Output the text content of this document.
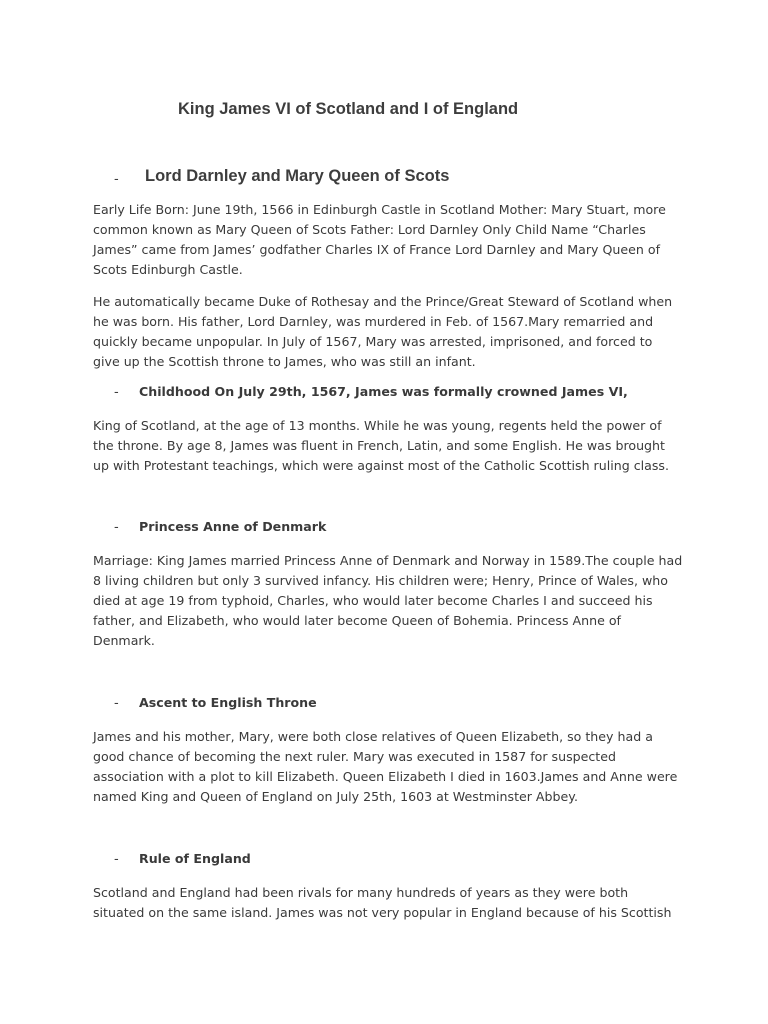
King James VI of Scotland and I of England
- Lord Darnley and Mary Queen of Scots

Early Life Born: June 19th, 1566 in Edinburgh Castle in Scotland Mother: Mary Stuart, more common known as Mary Queen of Scots Father: Lord Darnley Only Child Name “Charles James” came from James’ godfather Charles IX of France Lord Darnley and Mary Queen of Scots Edinburgh Castle.

He automatically became Duke of Rothesay and the Prince/Great Steward of Scotland when he was born. His father, Lord Darnley, was murdered in Feb. of 1567.Mary remarried and quickly became unpopular. In July of 1567, Mary was arrested, imprisoned, and forced to give up the Scottish throne to James, who was still an infant.

- Childhood On July 29th, 1567, James was formally crowned James VI,

King of Scotland, at the age of 13 months. While he was young, regents held the power of the throne. By age 8, James was fluent in French, Latin, and some English. He was brought up with Protestant teachings, which were against most of the Catholic Scottish ruling class.

- Princess Anne of Denmark

Marriage: King James married Princess Anne of Denmark and Norway in 1589.The couple had 8 living children but only 3 survived infancy. His children were; Henry, Prince of Wales, who died at age 19 from typhoid, Charles, who would later become Charles I and succeed his father, and Elizabeth, who would later become Queen of Bohemia. Princess Anne of Denmark.

- Ascent to English Throne

James and his mother, Mary, were both close relatives of Queen Elizabeth, so they had a good chance of becoming the next ruler. Mary was executed in 1587 for suspected association with a plot to kill Elizabeth. Queen Elizabeth I died in 1603.James and Anne were named King and Queen of England on July 25th, 1603 at Westminster Abbey.

- Rule of England

Scotland and England had been rivals for many hundreds of years as they were both situated on the same island. James was not very popular in England because of his Scottish
